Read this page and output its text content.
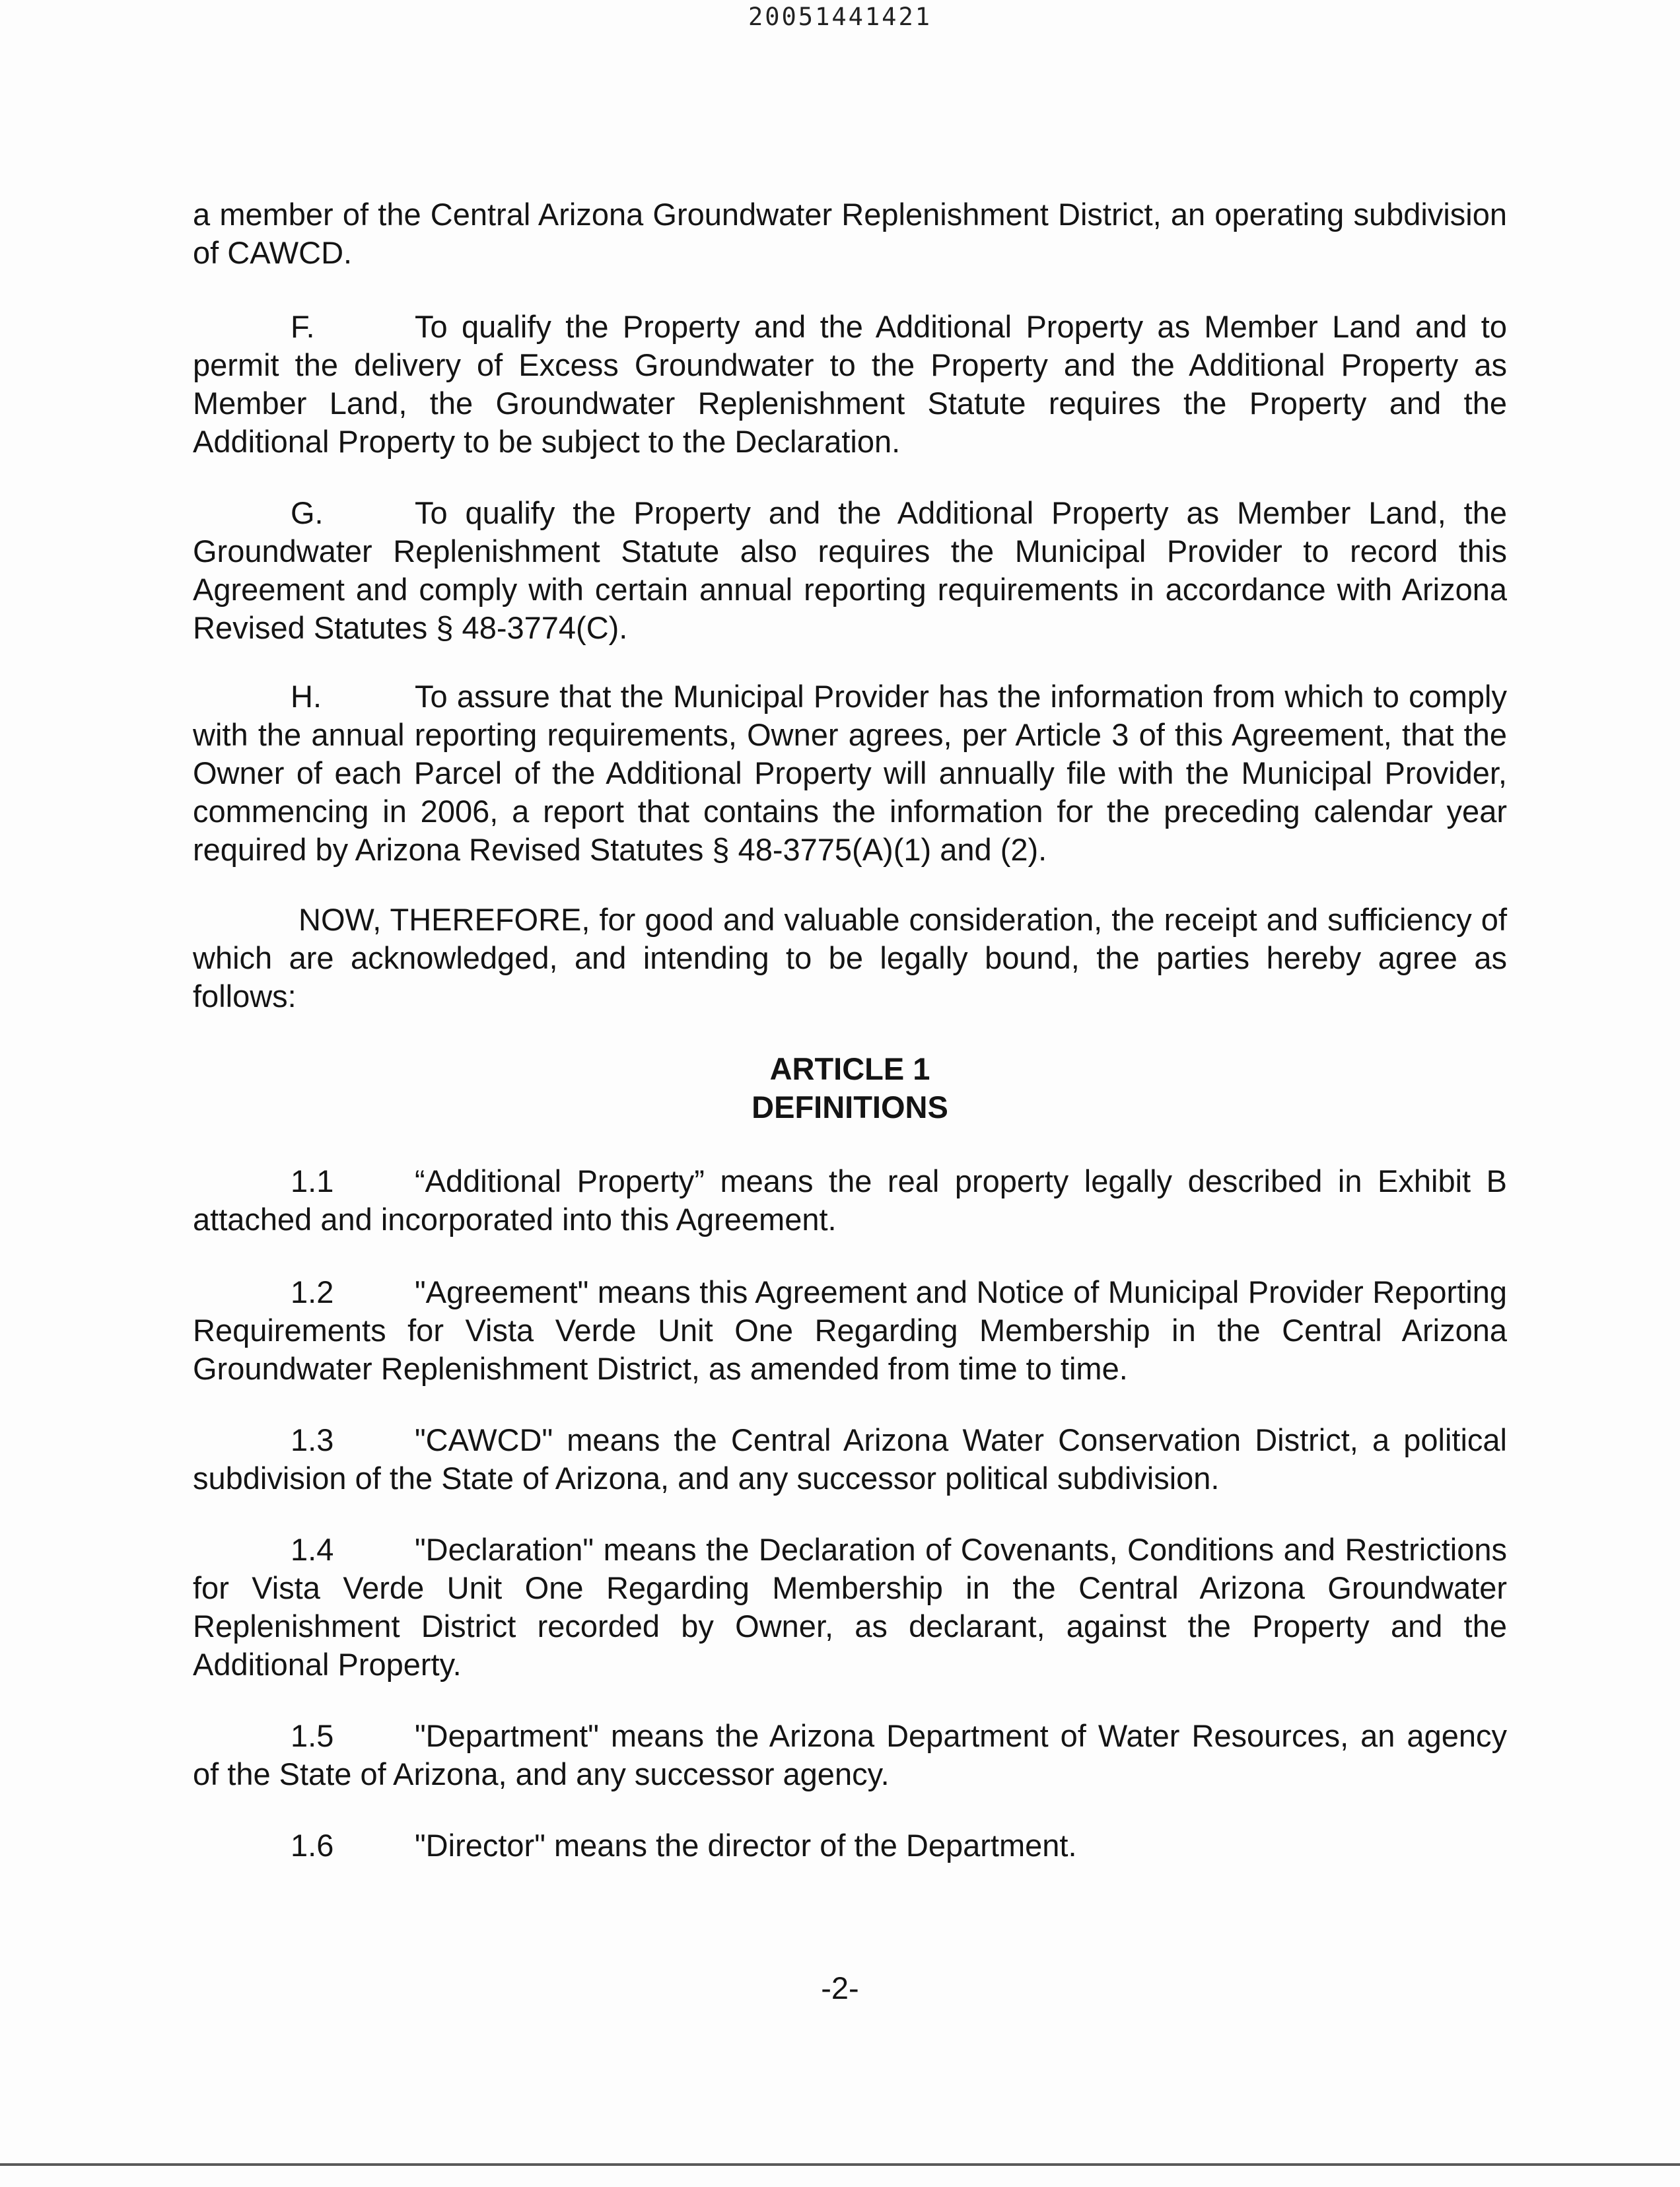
20051441421

a member of the Central Arizona Groundwater Replenishment District, an operating subdivision of CAWCD.

F.	To qualify the Property and the Additional Property as Member Land and to permit the delivery of Excess Groundwater to the Property and the Additional Property as Member Land, the Groundwater Replenishment Statute requires the Property and the Additional Property to be subject to the Declaration.

G.	To qualify the Property and the Additional Property as Member Land, the Groundwater Replenishment Statute also requires the Municipal Provider to record this Agreement and comply with certain annual reporting requirements in accordance with Arizona Revised Statutes § 48-3774(C).

H.	To assure that the Municipal Provider has the information from which to comply with the annual reporting requirements, Owner agrees, per Article 3 of this Agreement, that the Owner of each Parcel of the Additional Property will annually file with the Municipal Provider, commencing in 2006, a report that contains the information for the preceding calendar year required by Arizona Revised Statutes § 48-3775(A)(1) and (2).

NOW, THEREFORE, for good and valuable consideration, the receipt and sufficiency of which are acknowledged, and intending to be legally bound, the parties hereby agree as follows:

ARTICLE 1

DEFINITIONS

1.1	“Additional Property” means the real property legally described in Exhibit B attached and incorporated into this Agreement.

1.2	"Agreement" means this Agreement and Notice of Municipal Provider Reporting Requirements for Vista Verde Unit One Regarding Membership in the Central Arizona Groundwater Replenishment District, as amended from time to time.

1.3	"CAWCD" means the Central Arizona Water Conservation District, a political subdivision of the State of Arizona, and any successor political subdivision.

1.4	"Declaration" means the Declaration of Covenants, Conditions and Restrictions for Vista Verde Unit One Regarding Membership in the Central Arizona Groundwater Replenishment District recorded by Owner, as declarant, against the Property and the Additional Property.

1.5	"Department" means the Arizona Department of Water Resources, an agency of the State of Arizona, and any successor agency.

1.6	"Director" means the director of the Department.

-2-
